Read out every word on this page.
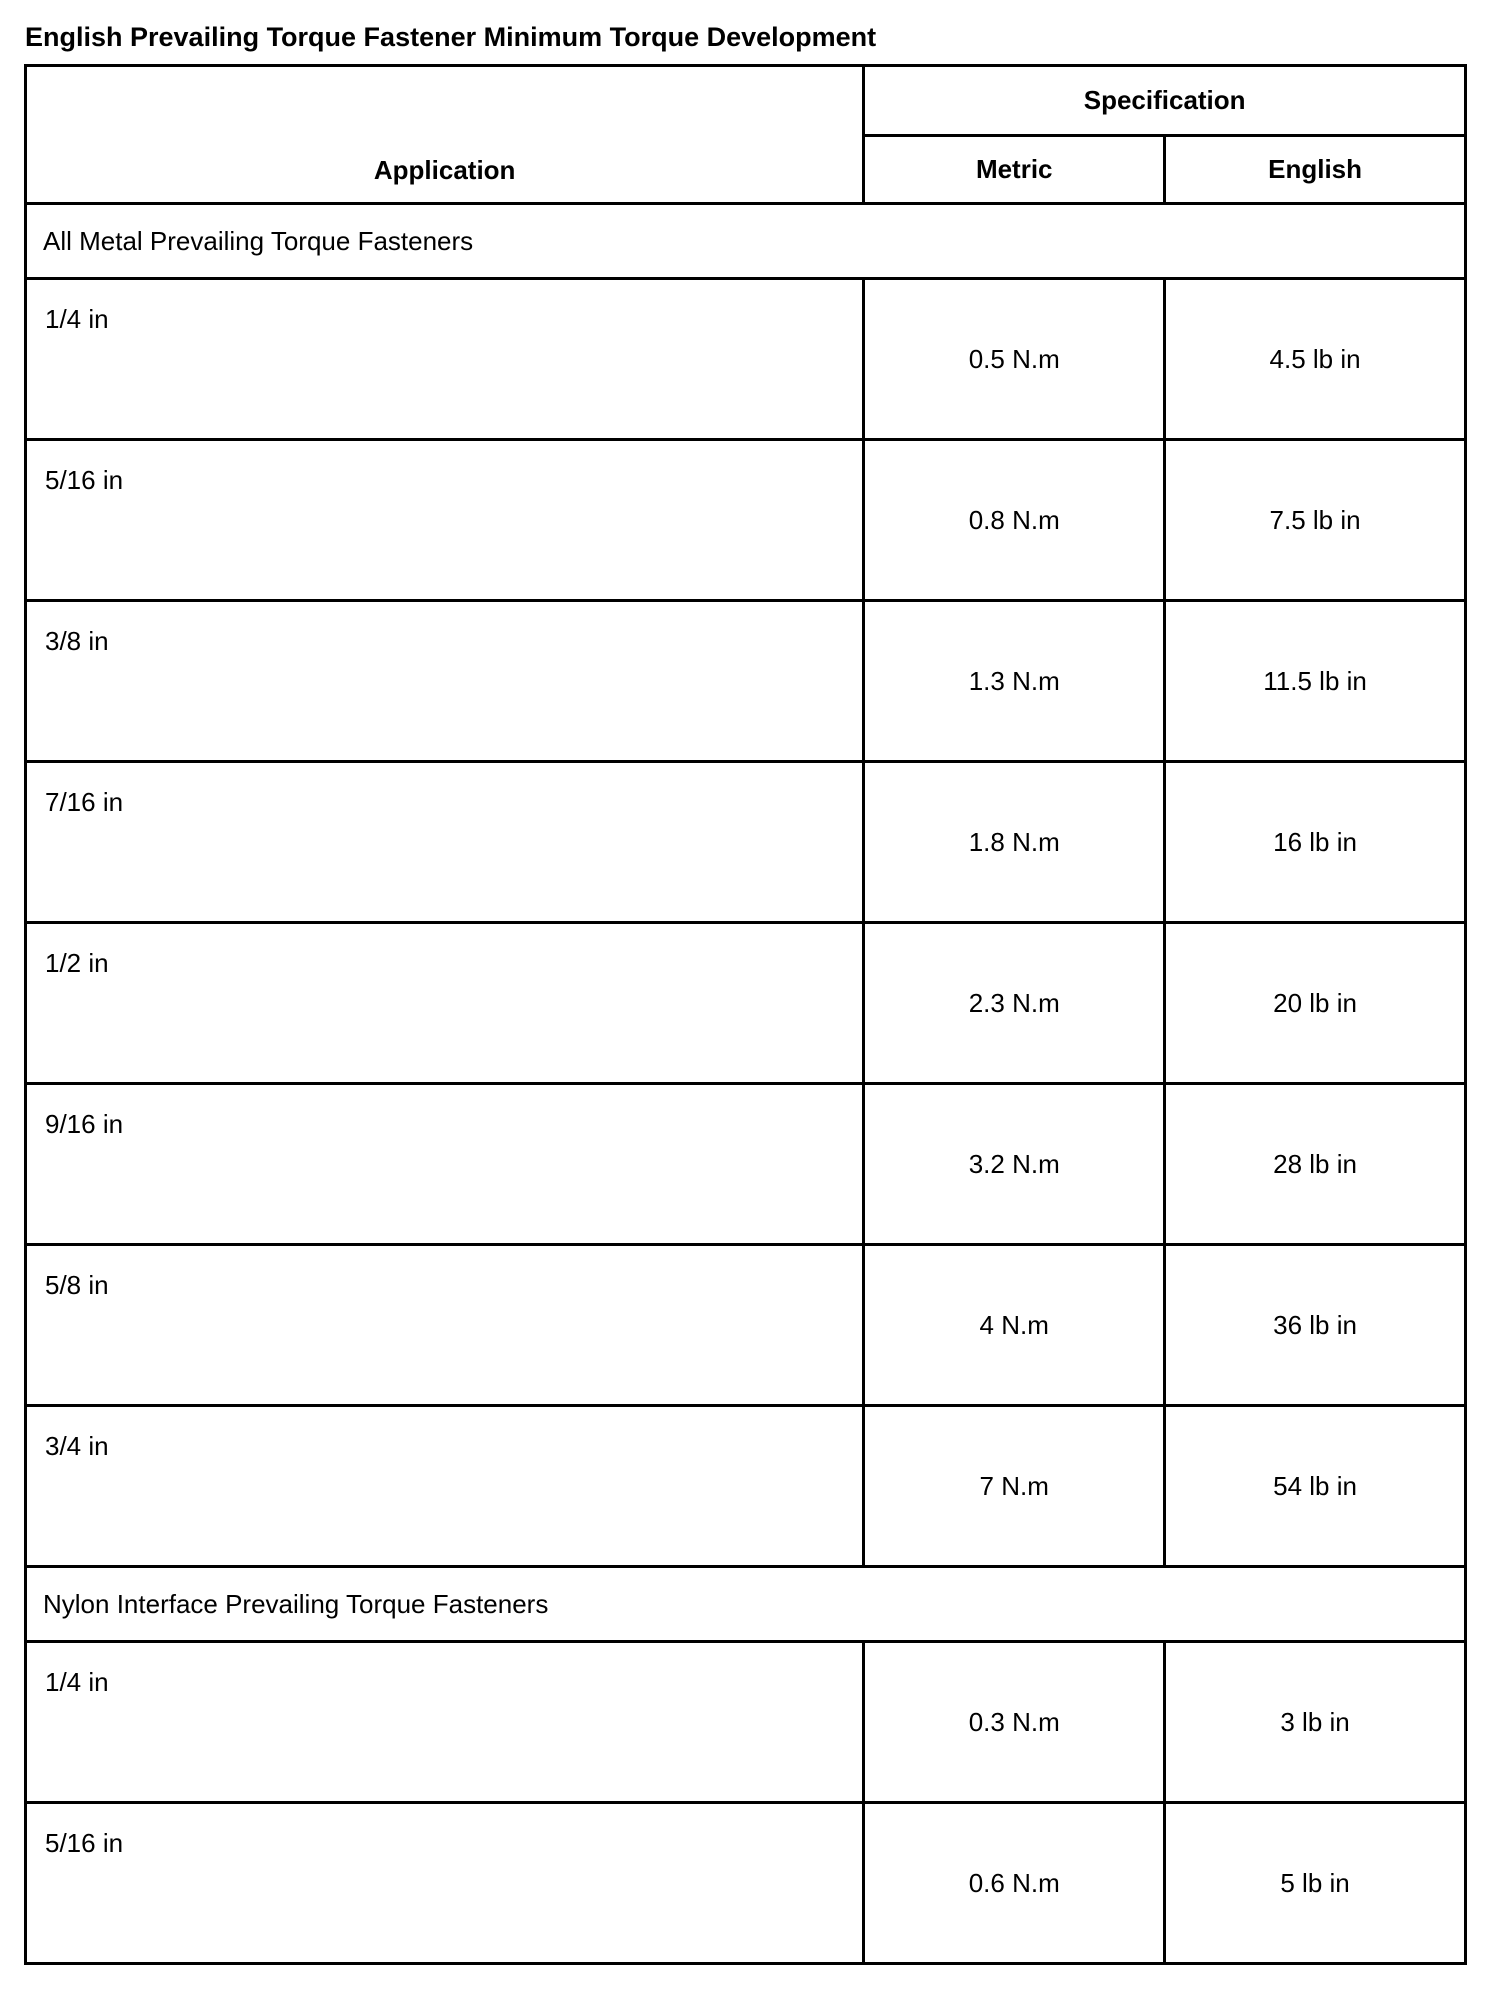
English Prevailing Torque Fastener Minimum Torque Development
Application	Specification	
	Metric	English
All Metal Prevailing Torque Fasteners		
1/4 in	0.5 N.m	4.5 lb in
5/16 in	0.8 N.m	7.5 lb in
3/8 in	1.3 N.m	11.5 lb in
7/16 in	1.8 N.m	16 lb in
1/2 in	2.3 N.m	20 lb in
9/16 in	3.2 N.m	28 lb in
5/8 in	4 N.m	36 lb in
3/4 in	7 N.m	54 lb in
Nylon Interface Prevailing Torque Fasteners		
1/4 in	0.3 N.m	3 lb in
5/16 in	0.6 N.m	5 lb in
